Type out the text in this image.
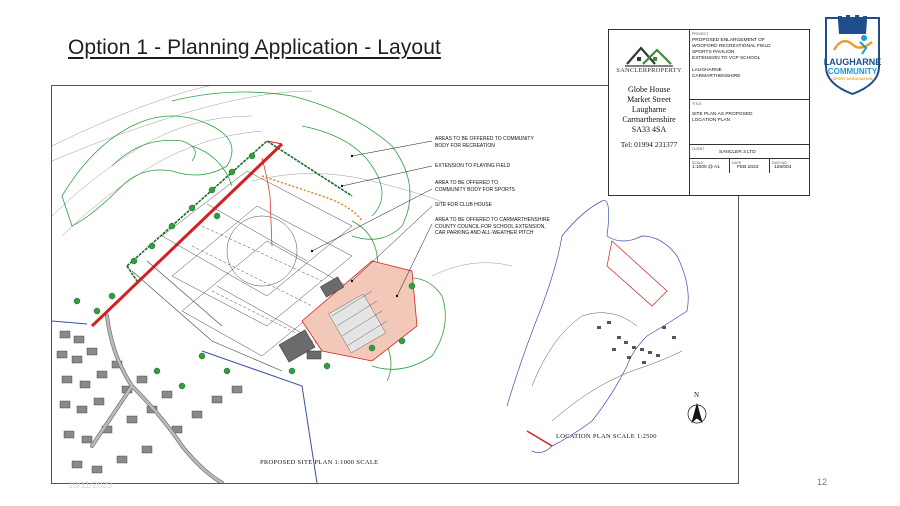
Option 1 - Planning Application - Layout
AREAS TO BE OFFERED TO COMMUNITY
BODY FOR RECREATION
EXTENSION TO PLAYING FIELD
AREA TO BE OFFERED TO
COMMUNITY BODY FOR SPORTS
SITE FOR CLUB HOUSE
AREA TO BE OFFERED TO CARMARTHENSHIRE
COUNTY COUNCIL FOR SCHOOL EXTENSION,
CAR PARKING AND ALL-WEATHER PITCH
PROPOSED SITE PLAN 1:1000 SCALE
LOCATION PLAN SCALE 1:2500
N
SANCLERPROPERTY
Globe House
Market Street
Laugharne
Carmarthenshire
SA33 4SA
Tel: 01994 231377
PROJECT
PROPOSED ENLARGEMENT OF
WOOFORD RECREATIONAL FIELD
SPORTS PAVILION
EXTENSION TO VCP SCHOOL

LAUGHARNE
CARMARTHENSHIRE
TITLE
SITE PLAN AS PROPOSED
LOCATION PLAN
CLIENT
SANCLER 3 LTD
SCALE
1:1000 @ A1
DATE
FEB 2023
DWG NO
126/004
LAUGHARNE
COMMUNITY
SPORT ASSOCIATION
10/11/2023	12
